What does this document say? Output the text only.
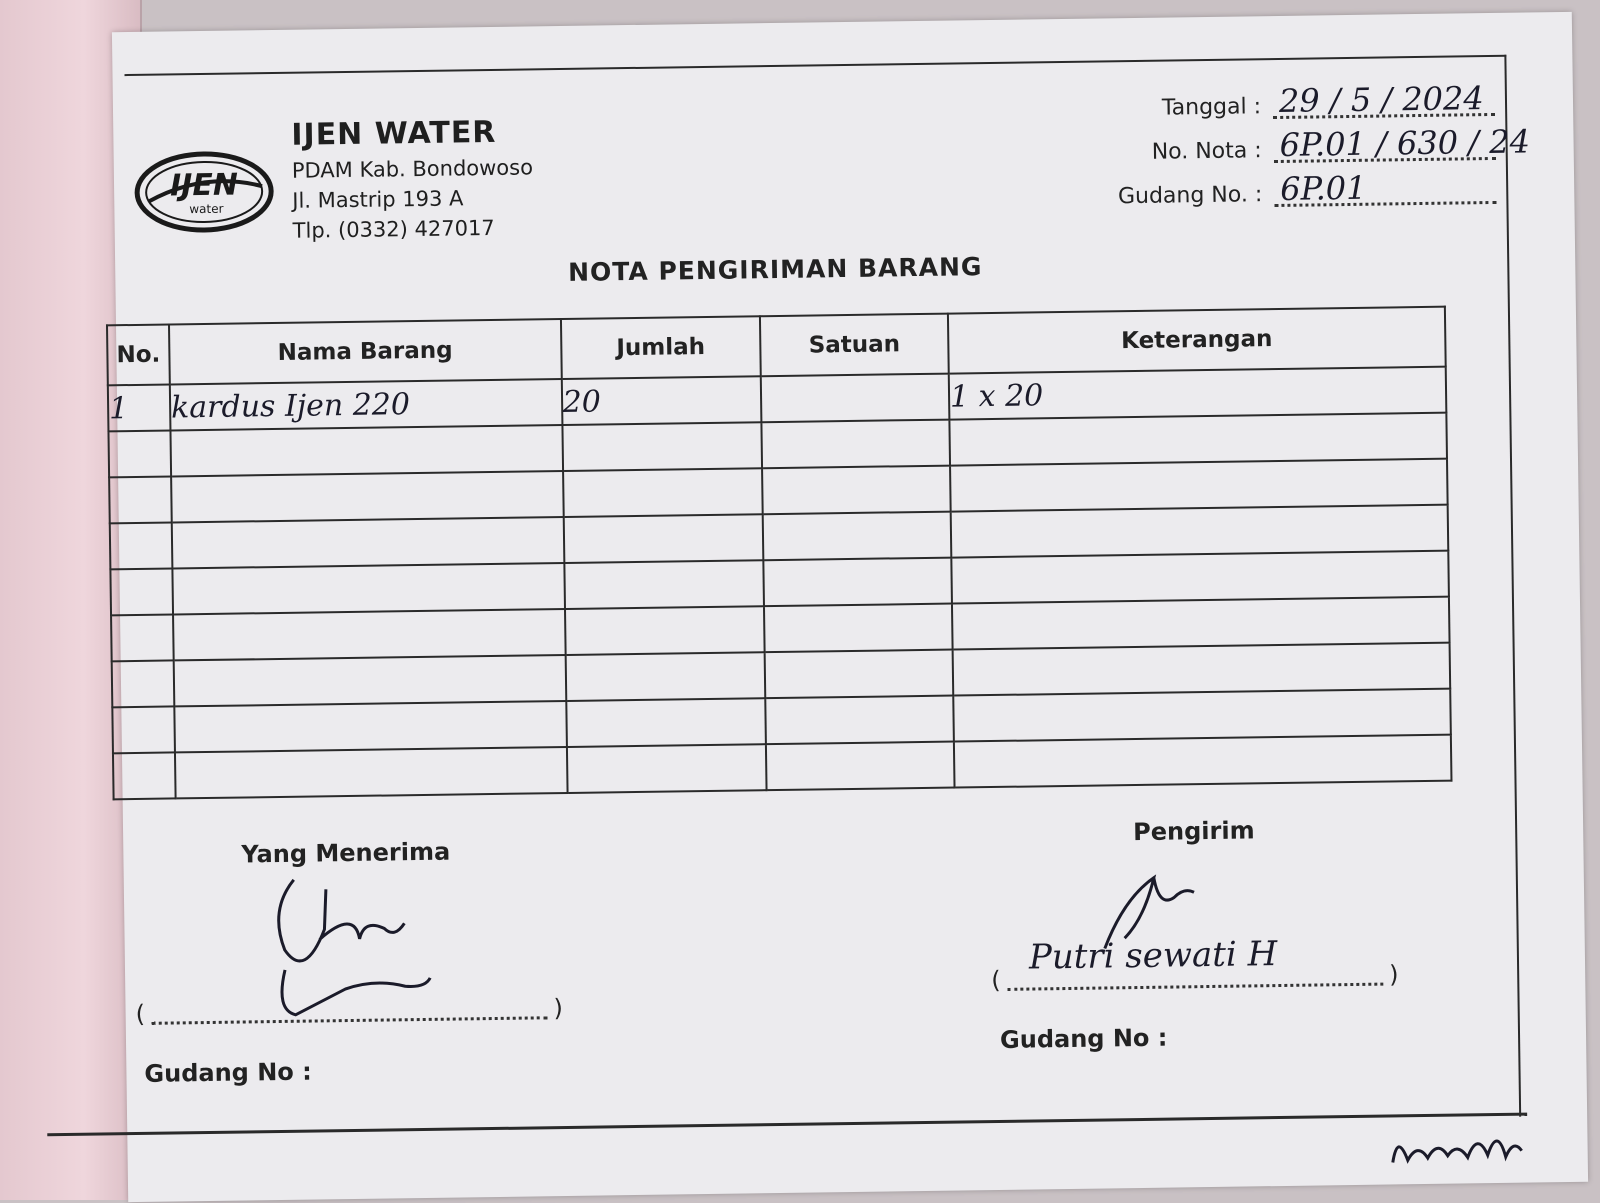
IJEN
water
IJEN WATER
PDAM Kab. Bondowoso
Jl. Mastrip 193 A
Tlp. (0332) 427017
Tanggal : 29 / 5 / 2024
No. Nota : 6P.01 / 630 / 24
Gudang No. : 6P.01
NOTA PENGIRIMAN BARANG
No.	Nama Barang	Jumlah	Satuan	Keterangan
1	kardus Ijen 220	20		1 x 20

Yang Menerima
(	)
Gudang No :
Pengirim
Putri sewati H
(	)
Gudang No :
